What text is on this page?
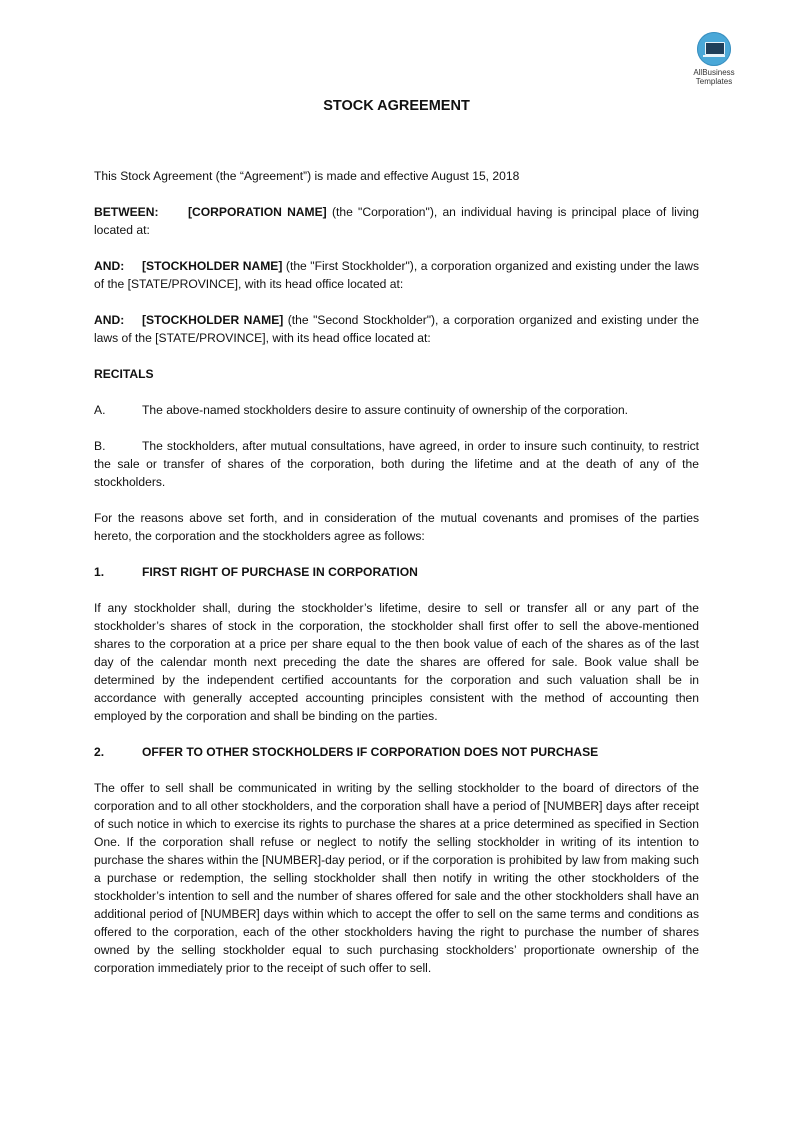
AllBusiness
Templates
STOCK AGREEMENT

This Stock Agreement (the “Agreement”) is made and effective August 15, 2018

BETWEEN: [CORPORATION NAME] (the "Corporation"), an individual having is principal place of living located at:

AND: [STOCKHOLDER NAME] (the "First Stockholder"), a corporation organized and existing under the laws of the [STATE/PROVINCE], with its head office located at:

AND: [STOCKHOLDER NAME] (the "Second Stockholder"), a corporation organized and existing under the laws of the [STATE/PROVINCE], with its head office located at:

RECITALS

A.	The above-named stockholders desire to assure continuity of ownership of the corporation.

B.	The stockholders, after mutual consultations, have agreed, in order to insure such continuity, to restrict the sale or transfer of shares of the corporation, both during the lifetime and at the death of any of the stockholders.

For the reasons above set forth, and in consideration of the mutual covenants and promises of the parties hereto, the corporation and the stockholders agree as follows:

1.	FIRST RIGHT OF PURCHASE IN CORPORATION

If any stockholder shall, during the stockholder’s lifetime, desire to sell or transfer all or any part of the stockholder’s shares of stock in the corporation, the stockholder shall first offer to sell the above-mentioned shares to the corporation at a price per share equal to the then book value of each of the shares as of the last day of the calendar month next preceding the date the shares are offered for sale. Book value shall be determined by the independent certified accountants for the corporation and such valuation shall be in accordance with generally accepted accounting principles consistent with the method of accounting then employed by the corporation and shall be binding on the parties.

2.	OFFER TO OTHER STOCKHOLDERS IF CORPORATION DOES NOT PURCHASE

The offer to sell shall be communicated in writing by the selling stockholder to the board of directors of the corporation and to all other stockholders, and the corporation shall have a period of [NUMBER] days after receipt of such notice in which to exercise its rights to purchase the shares at a price determined as specified in Section One. If the corporation shall refuse or neglect to notify the selling stockholder in writing of its intention to purchase the shares within the [NUMBER]-day period, or if the corporation is prohibited by law from making such a purchase or redemption, the selling stockholder shall then notify in writing the other stockholders of the stockholder’s intention to sell and the number of shares offered for sale and the other stockholders shall have an additional period of [NUMBER] days within which to accept the offer to sell on the same terms and conditions as offered to the corporation, each of the other stockholders having the right to purchase the number of shares owned by the selling stockholder equal to such purchasing stockholders’ proportionate ownership of the corporation immediately prior to the receipt of such offer to sell.
